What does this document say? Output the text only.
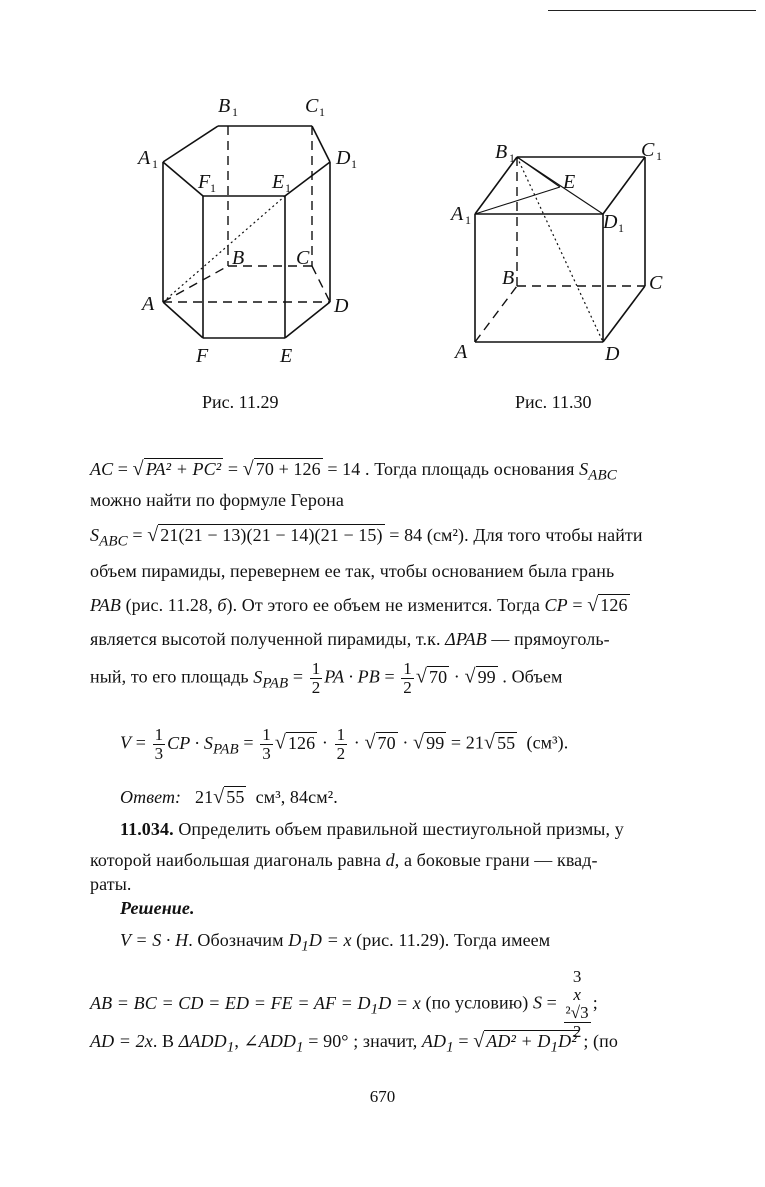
B 1	C 1
A 1	D 1
F 1	E 1
B	C
A	D
F	E
B 1	C 1
E
A 1	D 1
B	C
A	D
Рис. 11.29	Рис. 11.30
AC = √ PA² + PC² = √ 70 + 126 = 14 . Тогда площадь основания $S_{ABC}$
можно найти по формуле Герона
$S_{ABC}$ = √ 21(21 − 13)(21 − 14)(21 − 15) = 84 (см²). Для того чтобы найти
объем пирамиды, перевернем ее так, чтобы основанием была грань
PAB (рис. 11.28, б). От этого ее объем не изменится. Тогда CP = √ 126
является высотой полученной пирамиды, т.к. ΔPAB — прямоуголь-
ный, то его площадь $S_{PAB} = \frac{1}{2}$ PA · PB = $\frac{1}{2}$ √ 70 · √ 99 . Объем
$V = \frac{1}{3}$ CP · $S_{PAB} = \frac{1}{3}$ √ $126 \cdot \frac{1}{2}$ · √ 70 · √ 99 = 21√ 55 (см³).
Ответ:   21√ 55 см³, 84см².
11.034. Определить объем правильной шестиугольной призмы, у
которой наибольшая диагональ равна d, а боковые грани — квад-
раты.
Решение.
V = S · H. Обозначим $D_1D = x$ (рис. 11.29). Тогда имеем
AB = BC = CD = ED = FE = AF = $D_1D = x$ (по условию) S = 3
x
²√3
2 ;
AD = 2x. В $\Delta ADD_1$, $\angle ADD_1 = 90^\circ$ ; значит, $AD_1$ = √ $AD^2 + D_1D^2$ ; (по
670
